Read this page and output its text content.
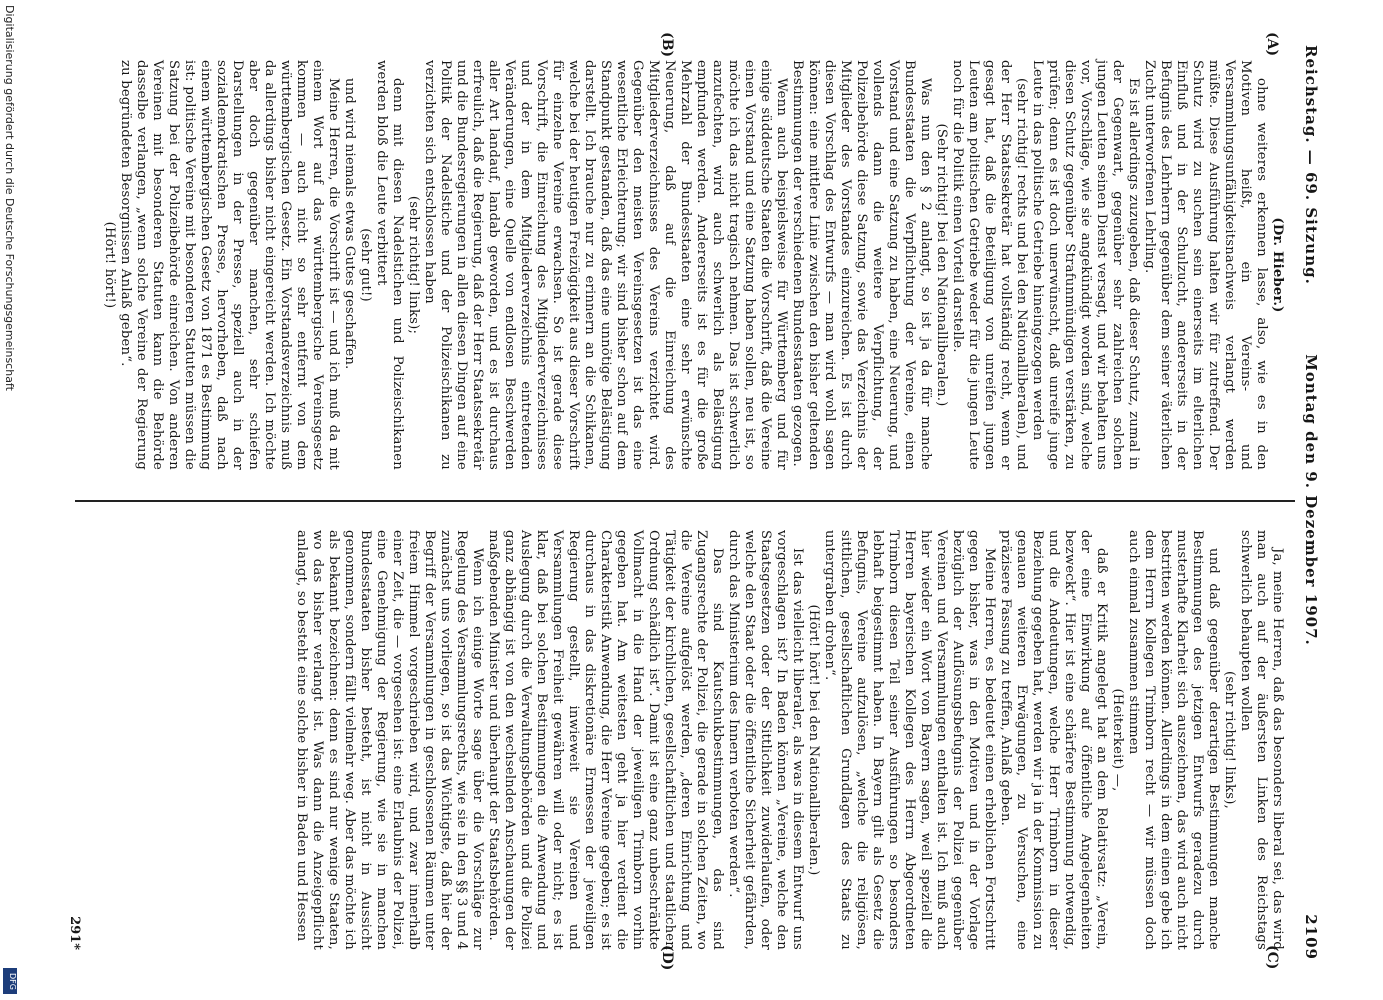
Reichstag. — 69. Sitzung.
Montag den 9. Dezember 1907.
2109
(A)
(B)
(C)
(D)

(Dr. Hieber.)

ohne weiteres erkennen lasse, also, wie es in den Motiven heißt, ein Vereins- und Versammlungsunfähigkeitsnachweis verlangt werden müßte. Diese Ausführung halten wir für zutreffend. Der Schutz wird zu suchen sein einerseits im elterlichen Einfluß und in der Schulzucht, andererseits in der Befugnis des Lehrherrn gegenüber dem seiner väterlichen Zucht unterworfenen Lehrling.

Es ist allerdings zuzugeben, daß dieser Schutz, zumal in der Gegenwart, gegenüber sehr zahlreichen solchen jungen Leuten seinen Dienst versagt, und wir behalten uns vor, Vorschläge, wie sie angekündigt worden sind, welche diesen Schutz gegenüber Strafunmündigen verstärken, zu prüfen; denn es ist doch unerwünscht, daß unreife junge Leute in das politische Getriebe hineingezogen werden

(sehr richtig! rechts und bei den Nationalliberalen), und der Herr Staatssekretär hat vollständig recht, wenn er gesagt hat, daß die Beteiligung von unreifen jungen Leuten am politischen Getriebe weder für die jungen Leute noch für die Politik einen Vorteil darstelle.

(Sehr richtig! bei den Nationalliberalen.)

Was nun den § 2 anlangt, so ist ja da für manche Bundesstaaten die Verpflichtung der Vereine, einen Vorstand und eine Satzung zu haben, eine Neuerung, und vollends dann die weitere Verpflichtung, der Polizeibehörde diese Satzung, sowie das Verzeichnis der Mitglieder des Vorstandes einzureichen. Es ist durch diesen Vorschlag des Entwurfs — man wird wohl sagen können: eine mittlere Linie zwischen den bisher geltenden Bestimmungen der verschiedenen Bundesstaaten gezogen.

Wenn auch beispielsweise für Württemberg und für einige süddeutsche Staaten die Vorschrift, daß die Vereine einen Vorstand und eine Satzung haben sollen, neu ist, so möchte ich das nicht tragisch nehmen. Das ist schwerlich anzufechten, wird auch schwerlich als Belästigung empfunden werden. Andererseits ist es für die große Mehrzahl der Bundesstaaten eine sehr erwünschte Neuerung, daß auf die Einreichung des Mitgliederverzeichnisses des Vereins verzichtet wird. Gegenüber den meisten Vereinsgesetzen ist das eine wesentliche Erleichterung; wir sind bisher schon auf dem Standpunkt gestanden, daß das eine unnötige Belästigung darstellt. Ich brauche nur zu erinnern an die Schikanen, welche bei der heutigen Freizügigkeit aus dieser Vorschrift für einzelne Vereine erwachsen. So ist gerade diese Vorschrift, die Einreichung des Mitgliederverzeichnisses und der in dem Mitgliederverzeichnis eintretenden Veränderungen, eine Quelle von endlosen Beschwerden aller Art landauf, landab geworden, und es ist durchaus erfreulich, daß die Regierung, daß der Herr Staatssekretär und die Bundesregierungen in allen diesen Dingen auf eine Politik der Nadelstiche und der Polizeischikanen zu verzichten sich entschlossen haben

(sehr richtig! links);

denn mit diesen Nadelstichen und Polizeischikanen werden bloß die Leute verbittert

(sehr gut!)

und wird niemals etwas Gutes geschaffen.

Meine Herren, die Vorschrift ist — und ich muß da mit einem Wort auf das württembergische Vereinsgesetz kommen — auch nicht so sehr entfernt von dem württembergischen Gesetz. Ein Vorstandsverzeichnis muß da allerdings bisher nicht eingereicht werden. Ich möchte aber doch gegenüber manchen, sehr schiefen Darstellungen in der Presse, speziell auch in der sozialdemokratischen Presse, hervorheben, daß nach einem württembergischen Gesetz von 1871 es Bestimmung ist: politische Vereine mit besonderen Statuten müssen die Satzung bei der Polizeibehörde einreichen. Von anderen Vereinen mit besonderen Statuten kann die Behörde dasselbe verlangen, „wenn solche Vereine der Regierung zu begründeten Besorgnissen Anlaß geben“.

(Hört! hört!)

Ja, meine Herren, daß das besonders liberal sei, das wird man auch auf der äußersten Linken des Reichstags schwerlich behaupten wollen

(sehr richtig! links),

und daß gegenüber derartigen Bestimmungen manche Bestimmungen des jetzigen Entwurfs geradezu durch musterhafte Klarheit sich auszeichnen, das wird auch nicht bestritten werden können. Allerdings in dem einen gebe ich dem Herrn Kollegen Trimborn recht — wir müssen doch auch einmal zusammen stimmen

(Heiterkeit) —,

daß er Kritik angelegt hat an dem Relativsatz: „Verein, der eine Einwirkung auf öffentliche Angelegenheiten bezweckt“. Hier ist eine schärfere Bestimmung notwendig, und die Andeutungen, welche Herr Trimborn in dieser Beziehung gegeben hat, werden wir ja in der Kommission zu genauen weiteren Erwägungen, zu Versuchen, eine präzisere Fassung zu treffen, Anlaß geben.

Meine Herren, es bedeutet einen erheblichen Fortschritt gegen bisher, was in den Motiven und in der Vorlage bezüglich der Auflösungsbefugnis der Polizei gegenüber Vereinen und Versammlungen enthalten ist. Ich muß auch hier wieder ein Wort von Bayern sagen, weil speziell die Herren bayerischen Kollegen des Herrn Abgeordneten Trimborn diesen Teil seiner Ausführungen so besonders lebhaft beigestimmt haben. In Bayern gilt als Gesetz die Befugnis, Vereine aufzulösen, „welche die religiösen, sittlichen, gesellschaftlichen Grundlagen des Staats zu untergraben drohen“.

(Hört! hört! bei den Nationalliberalen.)

Ist das vielleicht liberaler, als was in diesem Entwurf uns vorgeschlagen ist? In Baden können „Vereine, welche den Staatsgesetzen oder der Sittlichkeit zuwiderlaufen, oder welche den Staat oder die öffentliche Sicherheit gefährden, durch das Ministerium des Innern verboten werden“.

Das sind Kautschukbestimmungen, das sind Zugangsrechte der Polizei, die gerade in solchen Zeiten, wo die Vereine aufgelöst werden, „deren Einrichtung und Tätigkeit der kirchlichen, gesellschaftlichen und staatlichen Ordnung schädlich ist“. Damit ist eine ganz unbeschränkte Vollmacht in die Hand der jeweiligen Trimborn vorhin gegeben hat. Am weitesten geht ja hier verdient die Charakteristik Anwendung, die Herr Vereine gegeben; es ist durchaus in das diskretionäre Ermessen der jeweiligen Regierung gestellt, inwieweit sie Vereinen und Versammlungen Freiheit gewähren will oder nicht; es ist klar, daß bei solchen Bestimmungen die Anwendung und Auslegung durch die Verwaltungsbehörden und die Polizei ganz abhängig ist von den wechselnden Anschauungen der maßgebenden Minister und überhaupt der Staatsbehörden.

Wenn ich einige Worte sage über die Vorschläge zur Regelung des Versammlungsrechts, wie sie in den §§ 3 und 4 zunächst uns vorliegen, so ist das Wichtigste, daß hier der Begriff der Versammlungen in geschlossenen Räumen unter freiem Himmel vorgeschrieben wird, und zwar innerhalb einer Zeit, die — vorgesehen ist: eine Erlaubnis der Polizei, eine Genehmigung der Regierung, wie sie in manchen Bundesstaaten bisher besteht, ist nicht in Aussicht genommen, sondern fällt vielmehr weg. Aber das möchte ich als bekannt bezeichnen: denn es sind nur wenige Staaten, wo das bisher verlangt ist. Was dann die Anzeigepflicht anlangt, so besteht eine solche bisher in Baden und Hessen

291*
Digitalisierung gefördert durch die Deutsche Forschungsgemeinschaft
DFG
